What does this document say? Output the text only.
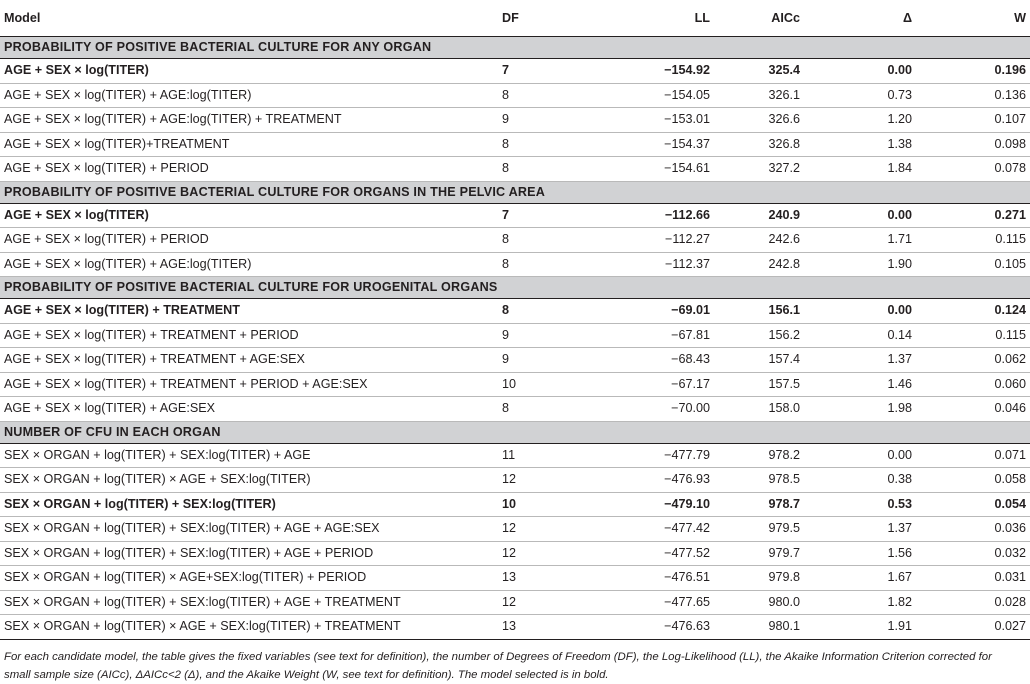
Model	DF	LL	AICc	Δ	W
PROBABILITY OF POSITIVE BACTERIAL CULTURE FOR ANY ORGAN					
AGE + SEX × log(TITER)	7	−154.92	325.4	0.00	0.196
AGE + SEX × log(TITER) + AGE:log(TITER)	8	−154.05	326.1	0.73	0.136
AGE + SEX × log(TITER) + AGE:log(TITER) + TREATMENT	9	−153.01	326.6	1.20	0.107
AGE + SEX × log(TITER)+TREATMENT	8	−154.37	326.8	1.38	0.098
AGE + SEX × log(TITER) + PERIOD	8	−154.61	327.2	1.84	0.078
PROBABILITY OF POSITIVE BACTERIAL CULTURE FOR ORGANS IN THE PELVIC AREA					
AGE + SEX × log(TITER)	7	−112.66	240.9	0.00	0.271
AGE + SEX × log(TITER) + PERIOD	8	−112.27	242.6	1.71	0.115
AGE + SEX × log(TITER) + AGE:log(TITER)	8	−112.37	242.8	1.90	0.105
PROBABILITY OF POSITIVE BACTERIAL CULTURE FOR UROGENITAL ORGANS					
AGE + SEX × log(TITER) + TREATMENT	8	−69.01	156.1	0.00	0.124
AGE + SEX × log(TITER) + TREATMENT + PERIOD	9	−67.81	156.2	0.14	0.115
AGE + SEX × log(TITER) + TREATMENT + AGE:SEX	9	−68.43	157.4	1.37	0.062
AGE + SEX × log(TITER) + TREATMENT + PERIOD + AGE:SEX	10	−67.17	157.5	1.46	0.060
AGE + SEX × log(TITER) + AGE:SEX	8	−70.00	158.0	1.98	0.046
NUMBER OF CFU IN EACH ORGAN					
SEX × ORGAN + log(TITER) + SEX:log(TITER) + AGE	11	−477.79	978.2	0.00	0.071
SEX × ORGAN + log(TITER) × AGE + SEX:log(TITER)	12	−476.93	978.5	0.38	0.058
SEX × ORGAN + log(TITER) + SEX:log(TITER)	10	−479.10	978.7	0.53	0.054
SEX × ORGAN + log(TITER) + SEX:log(TITER) + AGE + AGE:SEX	12	−477.42	979.5	1.37	0.036
SEX × ORGAN + log(TITER) + SEX:log(TITER) + AGE + PERIOD	12	−477.52	979.7	1.56	0.032
SEX × ORGAN + log(TITER) × AGE+SEX:log(TITER) + PERIOD	13	−476.51	979.8	1.67	0.031
SEX × ORGAN + log(TITER) + SEX:log(TITER) + AGE + TREATMENT	12	−477.65	980.0	1.82	0.028
SEX × ORGAN + log(TITER) × AGE + SEX:log(TITER) + TREATMENT	13	−476.63	980.1	1.91	0.027
For each candidate model, the table gives the fixed variables (see text for definition), the number of Degrees of Freedom (DF), the Log-Likelihood (LL), the Akaike Information Criterion corrected for small sample size (AICc), ΔAICc<2 (Δ), and the Akaike Weight (W, see text for definition). The model selected is in bold.
